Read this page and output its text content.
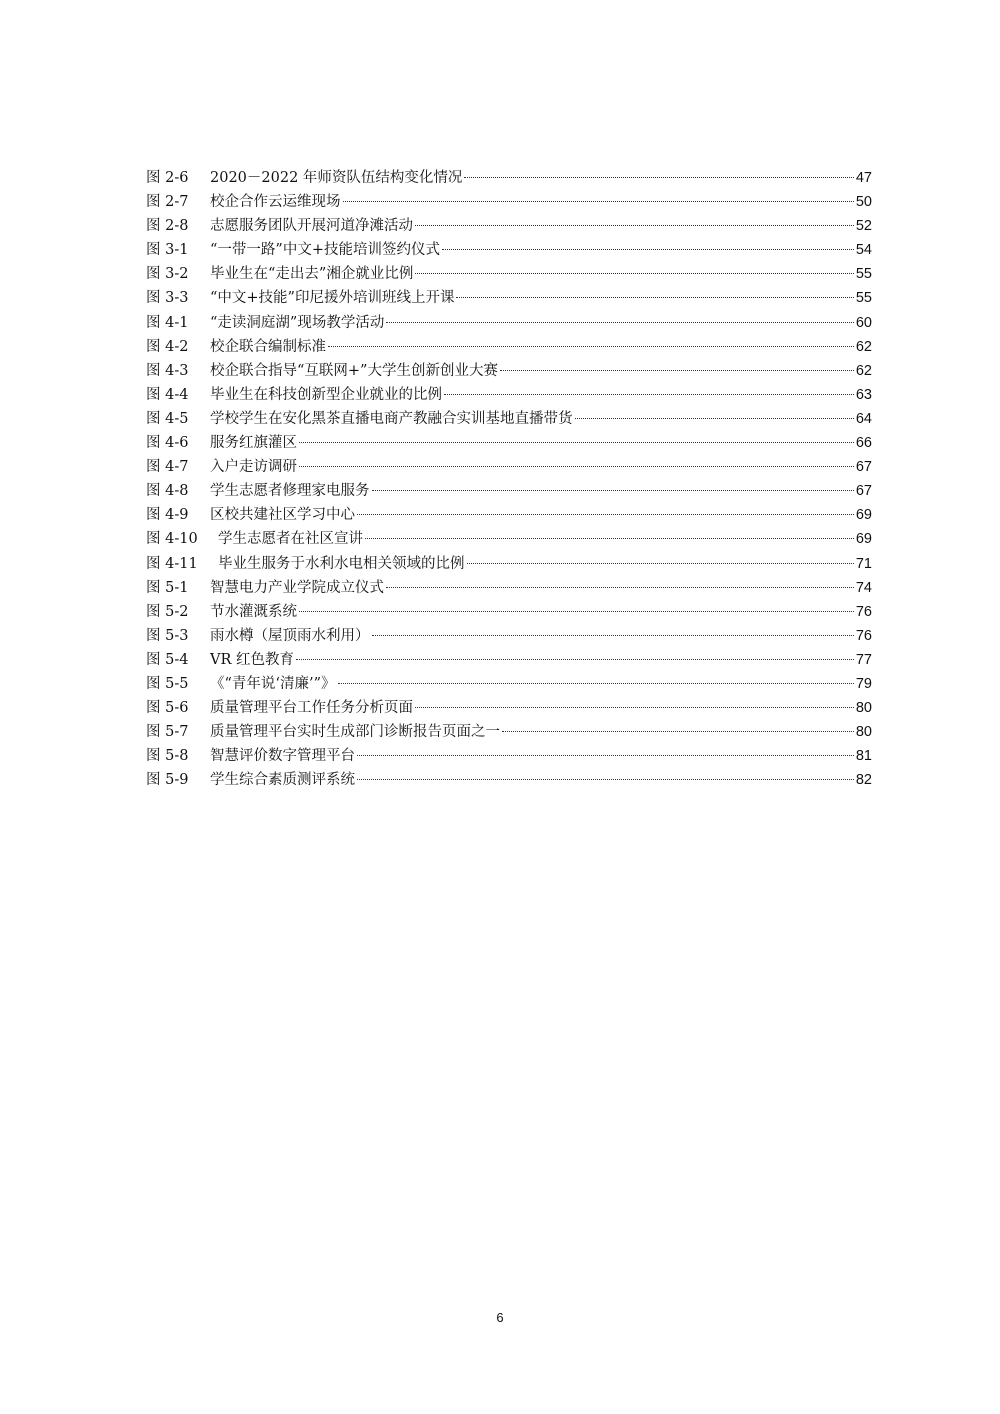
图 2-6	2020－2022 年师资队伍结构变化情况	47
图 2-7	校企合作云运维现场	50
图 2-8	志愿服务团队开展河道净滩活动	52
图 3-1	“一带一路”中文+技能培训签约仪式	54
图 3-2	毕业生在“走出去”湘企就业比例	55
图 3-3	“中文+技能”印尼援外培训班线上开课	55
图 4-1	“走读洞庭湖”现场教学活动	60
图 4-2	校企联合编制标准	62
图 4-3	校企联合指导“互联网+”大学生创新创业大赛	62
图 4-4	毕业生在科技创新型企业就业的比例	63
图 4-5	学校学生在安化黑茶直播电商产教融合实训基地直播带货	64
图 4-6	服务红旗灌区	66
图 4-7	入户走访调研	67
图 4-8	学生志愿者修理家电服务	67
图 4-9	区校共建社区学习中心	69
图 4-10	学生志愿者在社区宣讲	69
图 4-11	毕业生服务于水利水电相关领域的比例	71
图 5-1	智慧电力产业学院成立仪式	74
图 5-2	节水灌溉系统	76
图 5-3	雨水樽（屋顶雨水利用）	76
图 5-4	VR 红色教育	77
图 5-5	《“青年说‘清廉’”》	79
图 5-6	质量管理平台工作任务分析页面	80
图 5-7	质量管理平台实时生成部门诊断报告页面之一	80
图 5-8	智慧评价数字管理平台	81
图 5-9	学生综合素质测评系统	82
6
